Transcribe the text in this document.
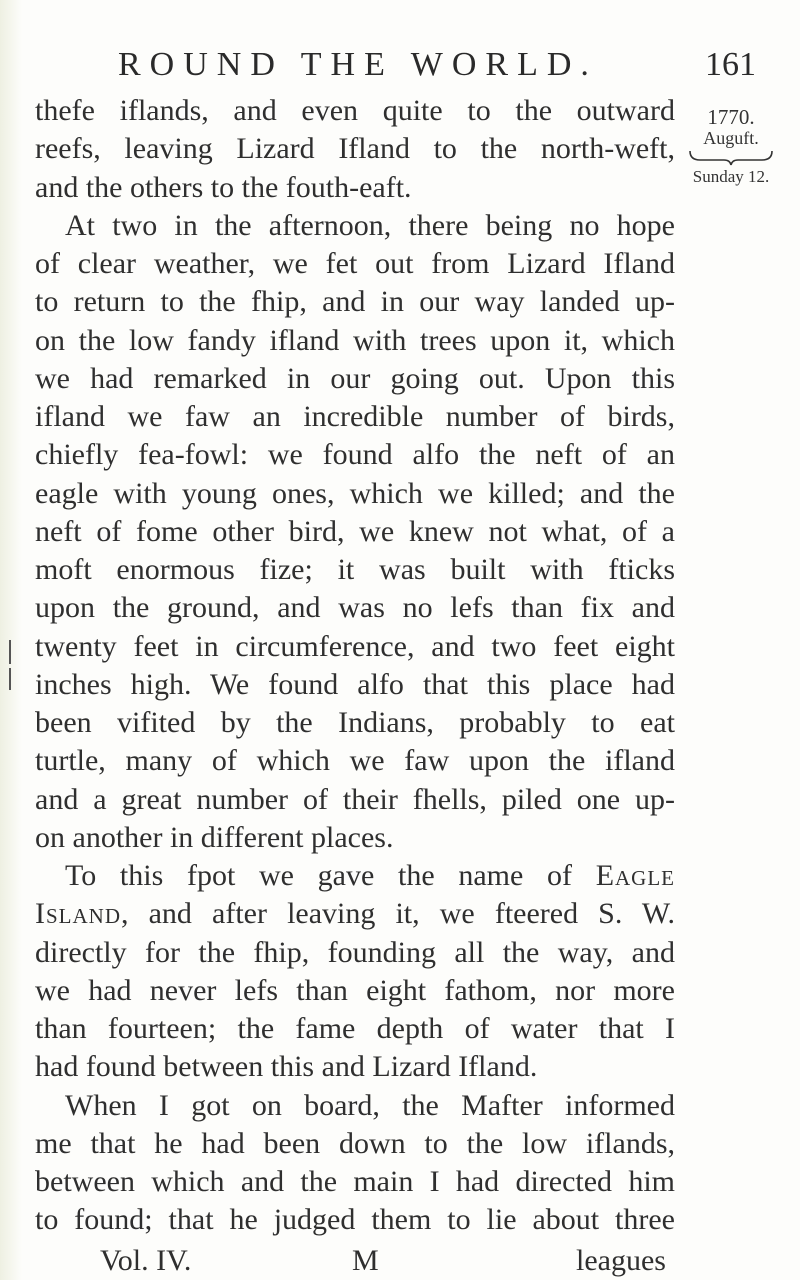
ROUND THE WORLD.	161
1770.
Auguft.
Sunday 12.
thefe iflands, and even quite to the outward
reefs, leaving Lizard Ifland to the north-weft,
and the others to the fouth-eaft.
At two in the afternoon, there being no hope
of clear weather, we fet out from Lizard Ifland
to return to the fhip, and in our way landed up-
on the low fandy ifland with trees upon it, which
we had remarked in our going out. Upon this
ifland we faw an incredible number of birds,
chiefly fea-fowl: we found alfo the neft of an
eagle with young ones, which we killed; and the
neft of fome other bird, we knew not what, of a
moft enormous fize; it was built with fticks
upon the ground, and was no lefs than fix and
twenty feet in circumference, and two feet eight
inches high. We found alfo that this place had
been vifited by the Indians, probably to eat
turtle, many of which we faw upon the ifland
and a great number of their fhells, piled one up-
on another in different places.
To this fpot we gave the name of Eagle
Island, and after leaving it, we fteered S. W.
directly for the fhip, founding all the way, and
we had never lefs than eight fathom, nor more
than fourteen; the fame depth of water that I
had found between this and Lizard Ifland.
When I got on board, the Mafter informed
me that he had been down to the low iflands,
between which and the main I had directed him
to found; that he judged them to lie about three
Vol. IV.	M	leagues
